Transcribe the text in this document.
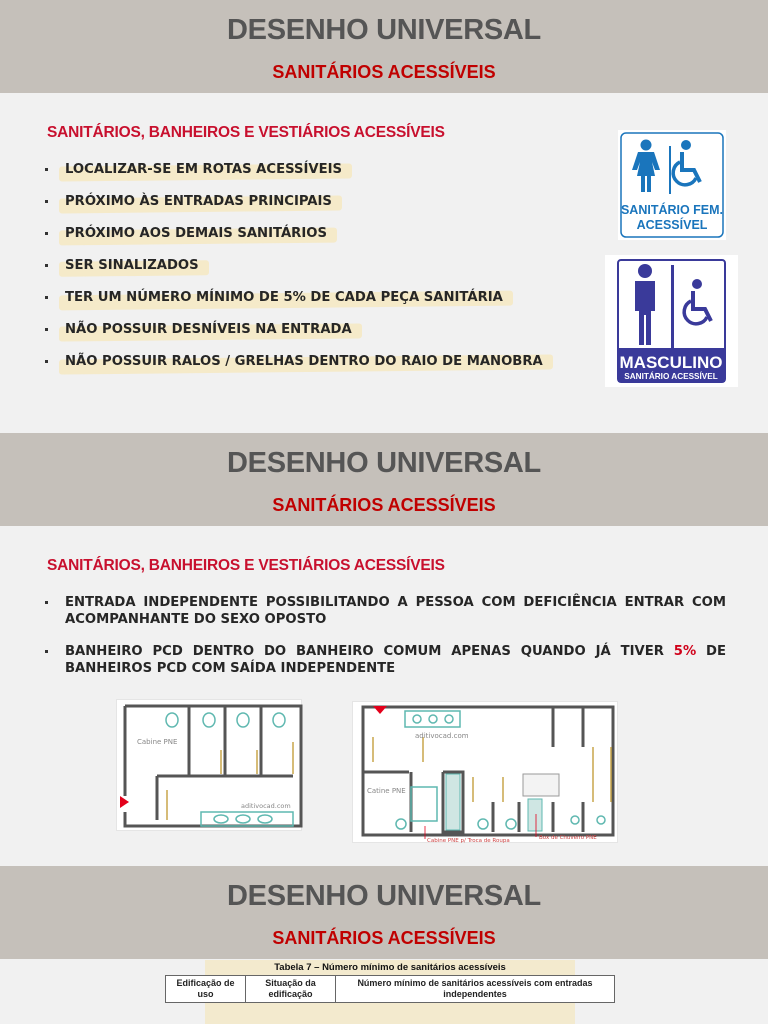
DESENHO UNIVERSAL
SANITÁRIOS ACESSÍVEIS
SANITÁRIOS, BANHEIROS E VESTIÁRIOS ACESSÍVEIS
LOCALIZAR-SE EM ROTAS ACESSÍVEIS
PRÓXIMO ÀS ENTRADAS PRINCIPAIS
PRÓXIMO AOS DEMAIS SANITÁRIOS
SER SINALIZADOS
TER UM NÚMERO MÍNIMO DE 5% DE CADA PEÇA SANITÁRIA
NÃO POSSUIR DESNÍVEIS NA ENTRADA
NÃO POSSUIR RALOS / GRELHAS DENTRO DO RAIO DE MANOBRA
SANITÁRIO FEM.
ACESSÍVEL
MASCULINO
SANITÁRIO ACESSÍVEL
DESENHO UNIVERSAL
SANITÁRIOS ACESSÍVEIS
SANITÁRIOS, BANHEIROS E VESTIÁRIOS ACESSÍVEIS
ENTRADA INDEPENDENTE POSSIBILITANDO A PESSOA COM DEFICIÊNCIA ENTRAR COM ACOMPANHANTE DO SEXO OPOSTO
BANHEIRO PCD DENTRO DO BANHEIRO COMUM APENAS QUANDO JÁ TIVER 5% DE BANHEIROS PCD COM SAÍDA INDEPENDENTE
Cabine PNE
aditivocad.com
aditivocad.com
Catine PNE
Cabine PNE p/ Troca de Roupa	Box de Chuveiro PNE
DESENHO UNIVERSAL
SANITÁRIOS ACESSÍVEIS
Tabela 7 – Número mínimo de sanitários acessíveis
Edificação de uso	Situação da edificação	Número mínimo de sanitários acessíveis com entradas independentes
